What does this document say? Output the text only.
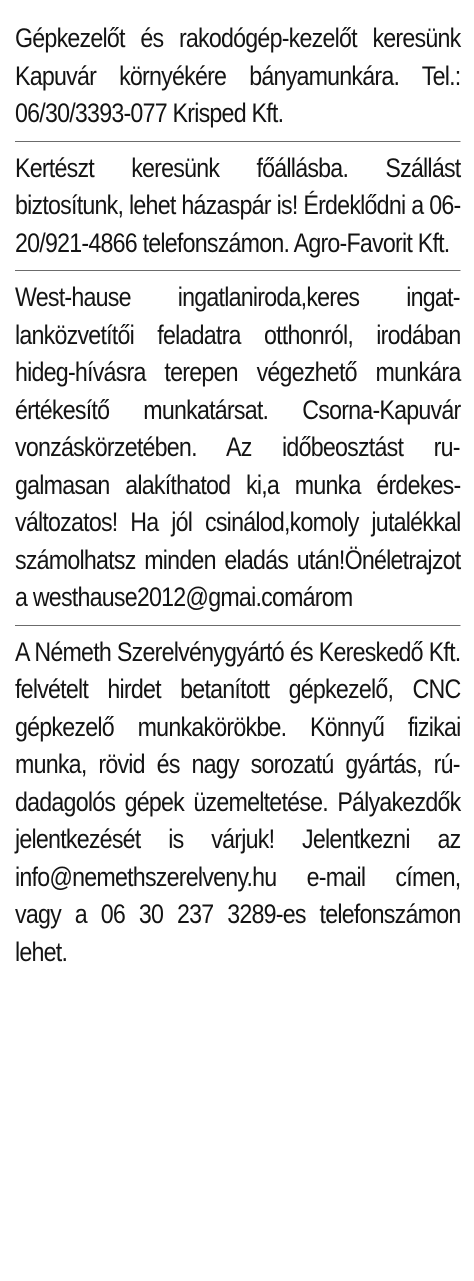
Gépkezelőt és rakodógép-kezelőt keresünk Kapuvár környékére bányamunkára. Tel.: 06/30/3393-077 Krisped Kft.

Kertészt keresünk főállásba. Szállást biztosítunk, lehet házaspár is! Érdeklődni a 06-20/921-4866 telefonszámon. Agro-Favorit Kft.

West-hause ingatlaniroda,keres ingatlanközvetítői feladatra otthonról, irodában hideg-hívásra terepen végezhető munkára értékesítő munkatársat. Csorna-Kapuvár vonzáskörzetében. Az időbeosztást rugalmasan alakíthatod ki,a munka érdekes-változatos! Ha jól csinálod,komoly jutalékkal számolhatsz minden eladás után!Önéletrajzot a westhause2012@gmai.comárom

A Németh Szerelvénygyártó és Kereskedő Kft. felvételt hirdet betanított gépkezelő, CNC gépkezelő munkakörökbe. Könnyű fizikai munka, rövid és nagy sorozatú gyártás, rúdadagolós gépek üzemeltetése. Pályakezdők jelentkezését is várjuk! Jelentkezni az info@nemethszerelveny.hu e-mail címen, vagy a 06 30 237 3289-es telefonszámon lehet.
